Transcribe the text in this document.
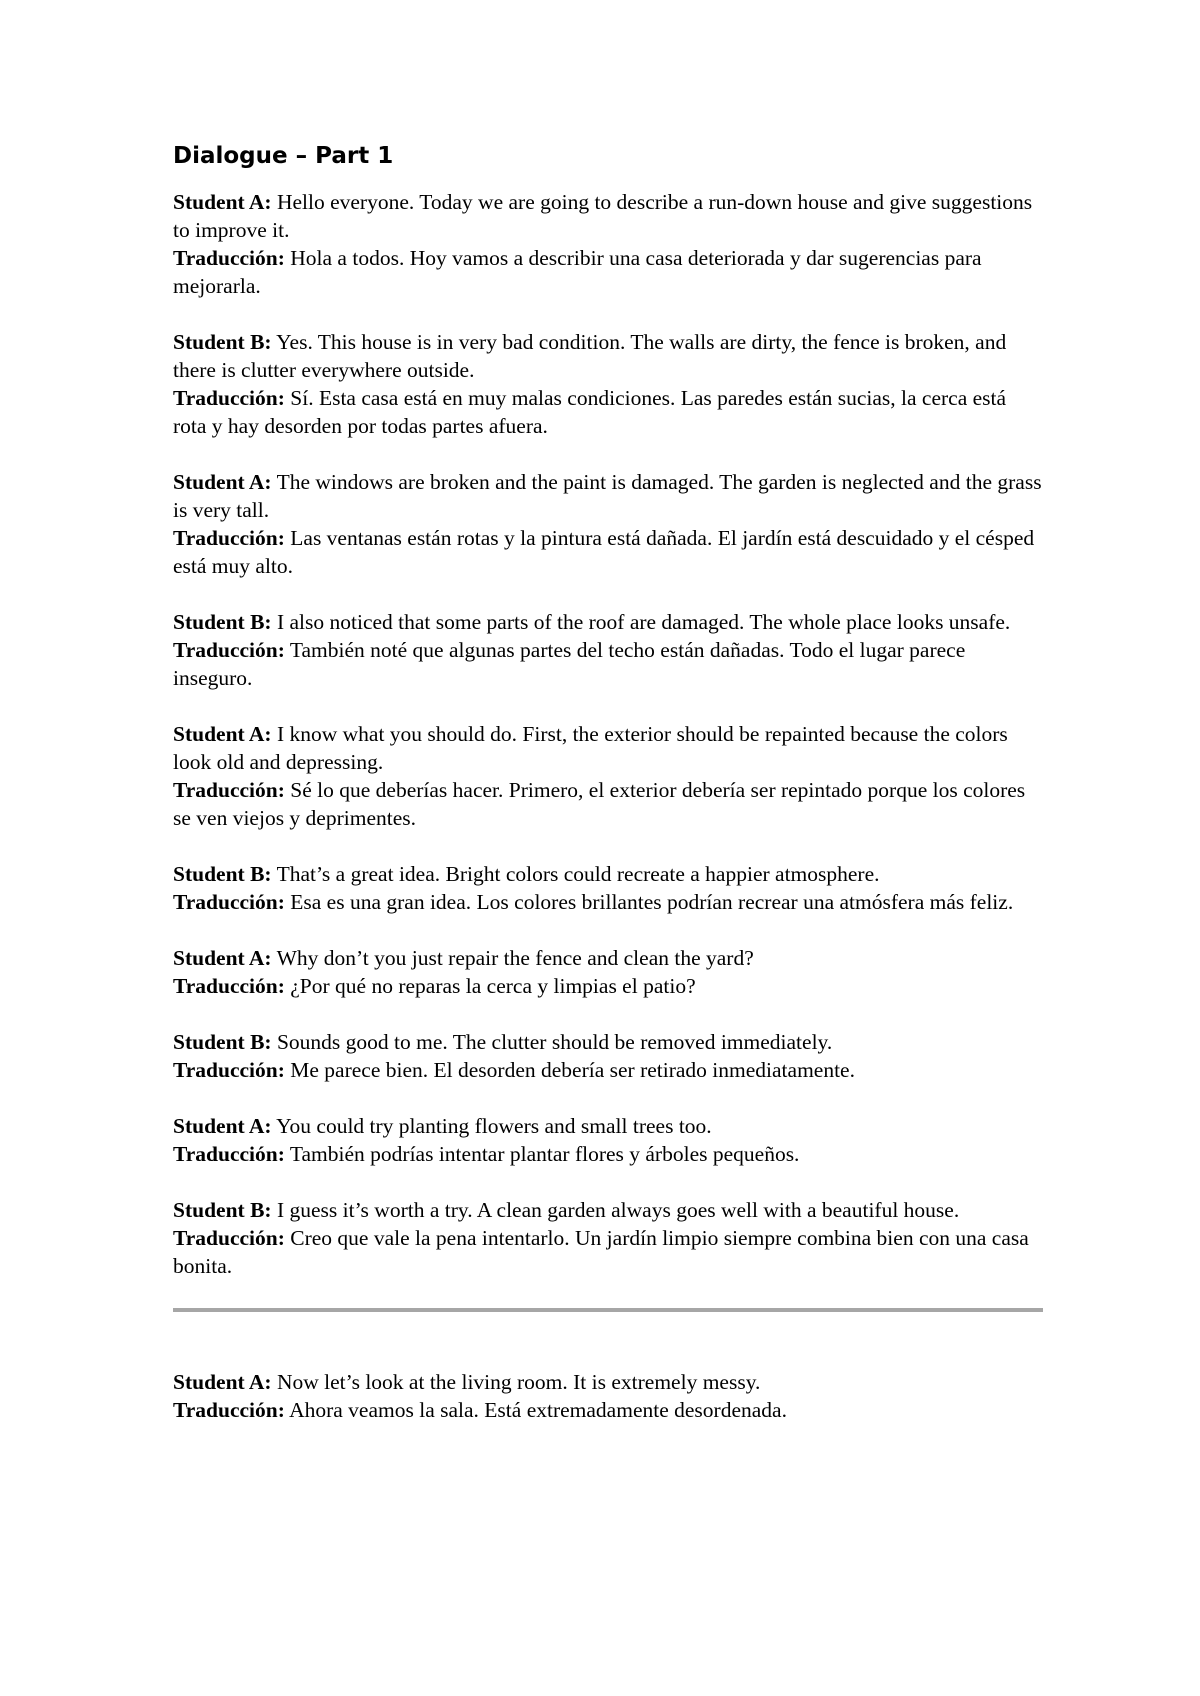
Dialogue – Part 1

Student A: Hello everyone. Today we are going to describe a run-down house and give suggestions to improve it.

Traducción: Hola a todos. Hoy vamos a describir una casa deteriorada y dar sugerencias para mejorarla.

Student B: Yes. This house is in very bad condition. The walls are dirty, the fence is broken, and there is clutter everywhere outside.

Traducción: Sí. Esta casa está en muy malas condiciones. Las paredes están sucias, la cerca está rota y hay desorden por todas partes afuera.

Student A: The windows are broken and the paint is damaged. The garden is neglected and the grass is very tall.

Traducción: Las ventanas están rotas y la pintura está dañada. El jardín está descuidado y el césped está muy alto.

Student B: I also noticed that some parts of the roof are damaged. The whole place looks unsafe.

Traducción: También noté que algunas partes del techo están dañadas. Todo el lugar parece inseguro.

Student A: I know what you should do. First, the exterior should be repainted because the colors look old and depressing.

Traducción: Sé lo que deberías hacer. Primero, el exterior debería ser repintado porque los colores se ven viejos y deprimentes.

Student B: That’s a great idea. Bright colors could recreate a happier atmosphere.

Traducción: Esa es una gran idea. Los colores brillantes podrían recrear una atmósfera más feliz.

Student A: Why don’t you just repair the fence and clean the yard?

Traducción: ¿Por qué no reparas la cerca y limpias el patio?

Student B: Sounds good to me. The clutter should be removed immediately.

Traducción: Me parece bien. El desorden debería ser retirado inmediatamente.

Student A: You could try planting flowers and small trees too.

Traducción: También podrías intentar plantar flores y árboles pequeños.

Student B: I guess it’s worth a try. A clean garden always goes well with a beautiful house.

Traducción: Creo que vale la pena intentarlo. Un jardín limpio siempre combina bien con una casa bonita.

Student A: Now let’s look at the living room. It is extremely messy.

Traducción: Ahora veamos la sala. Está extremadamente desordenada.
